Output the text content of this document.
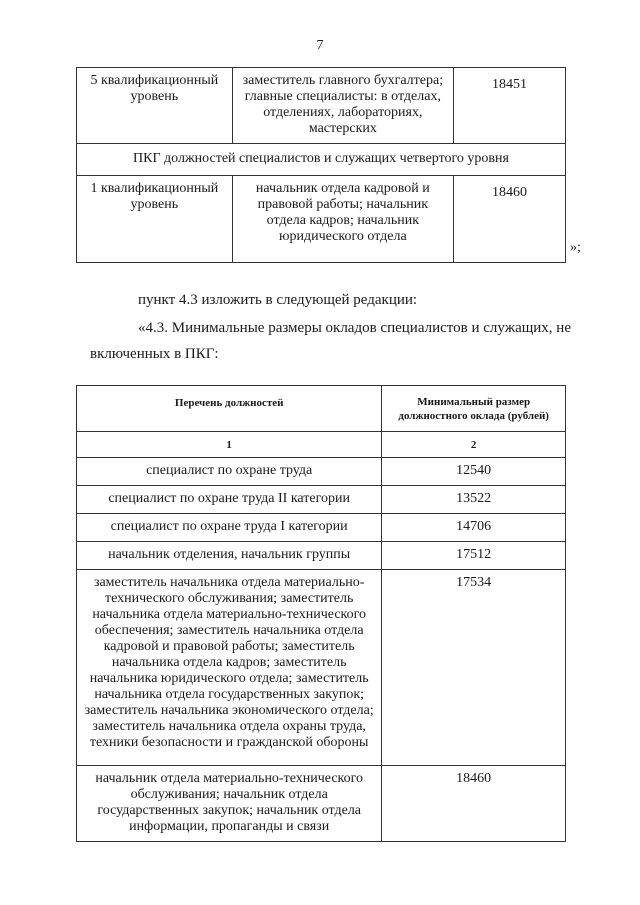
7
5 квалификационный уровень	заместитель главного бухгалтера; главные специалисты: в отделах, отделениях, лабораториях, мастерских	18451
ПКГ должностей специалистов и служащих четвертого уровня		
1 квалификационный уровень	начальник отдела кадровой и правовой работы; начальник отдела кадров; начальник юридического отдела	18460
»;
пункт 4.3 изложить в следующей редакции:
«4.3. Минимальные размеры окладов специалистов и служащих, не
включенных в ПКГ:
Перечень должностей	Минимальный размер должностного оклада (рублей)
1	2
специалист по охране труда	12540
специалист по охране труда II категории	13522
специалист по охране труда I категории	14706
начальник отделения, начальник группы	17512
заместитель начальника отдела материально-технического обслуживания; заместитель начальника отдела материально-технического обеспечения; заместитель начальника отдела кадровой и правовой работы; заместитель начальника отдела кадров; заместитель начальника юридического отдела; заместитель начальника отдела государственных закупок; заместитель начальника экономического отдела; заместитель начальника отдела охраны труда, техники безопасности и гражданской обороны	17534
начальник отдела материально-технического обслуживания; начальник отдела государственных закупок; начальник отдела информации, пропаганды и связи	18460
